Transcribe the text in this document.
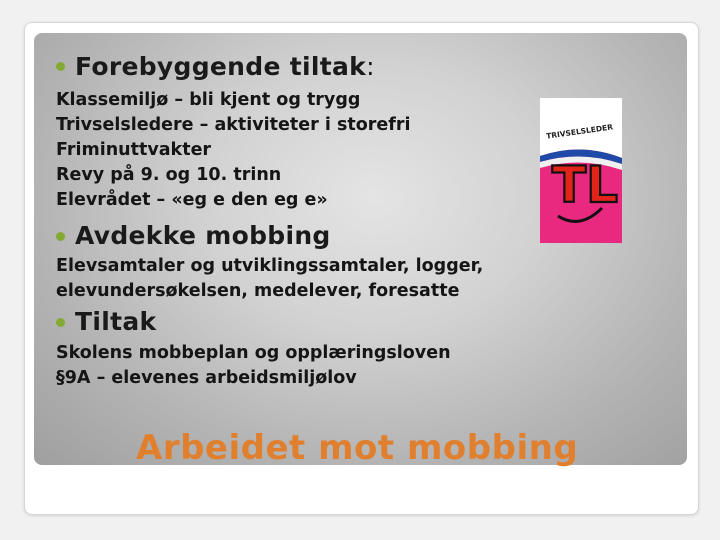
Forebyggende tiltak:
Klassemiljø – bli kjent og trygg
Trivselsledere – aktiviteter i storefri
Friminuttvakter
Revy på 9. og 10. trinn
Elevrådet – «eg e den eg e»
Avdekke mobbing
Elevsamtaler og utviklingssamtaler, logger,
elevundersøkelsen, medelever, foresatte
Tiltak
Skolens mobbeplan og opplæringsloven
§9A – elevenes arbeidsmiljølov
Arbeidet mot mobbing
TRIVSELSLEDER
TL
